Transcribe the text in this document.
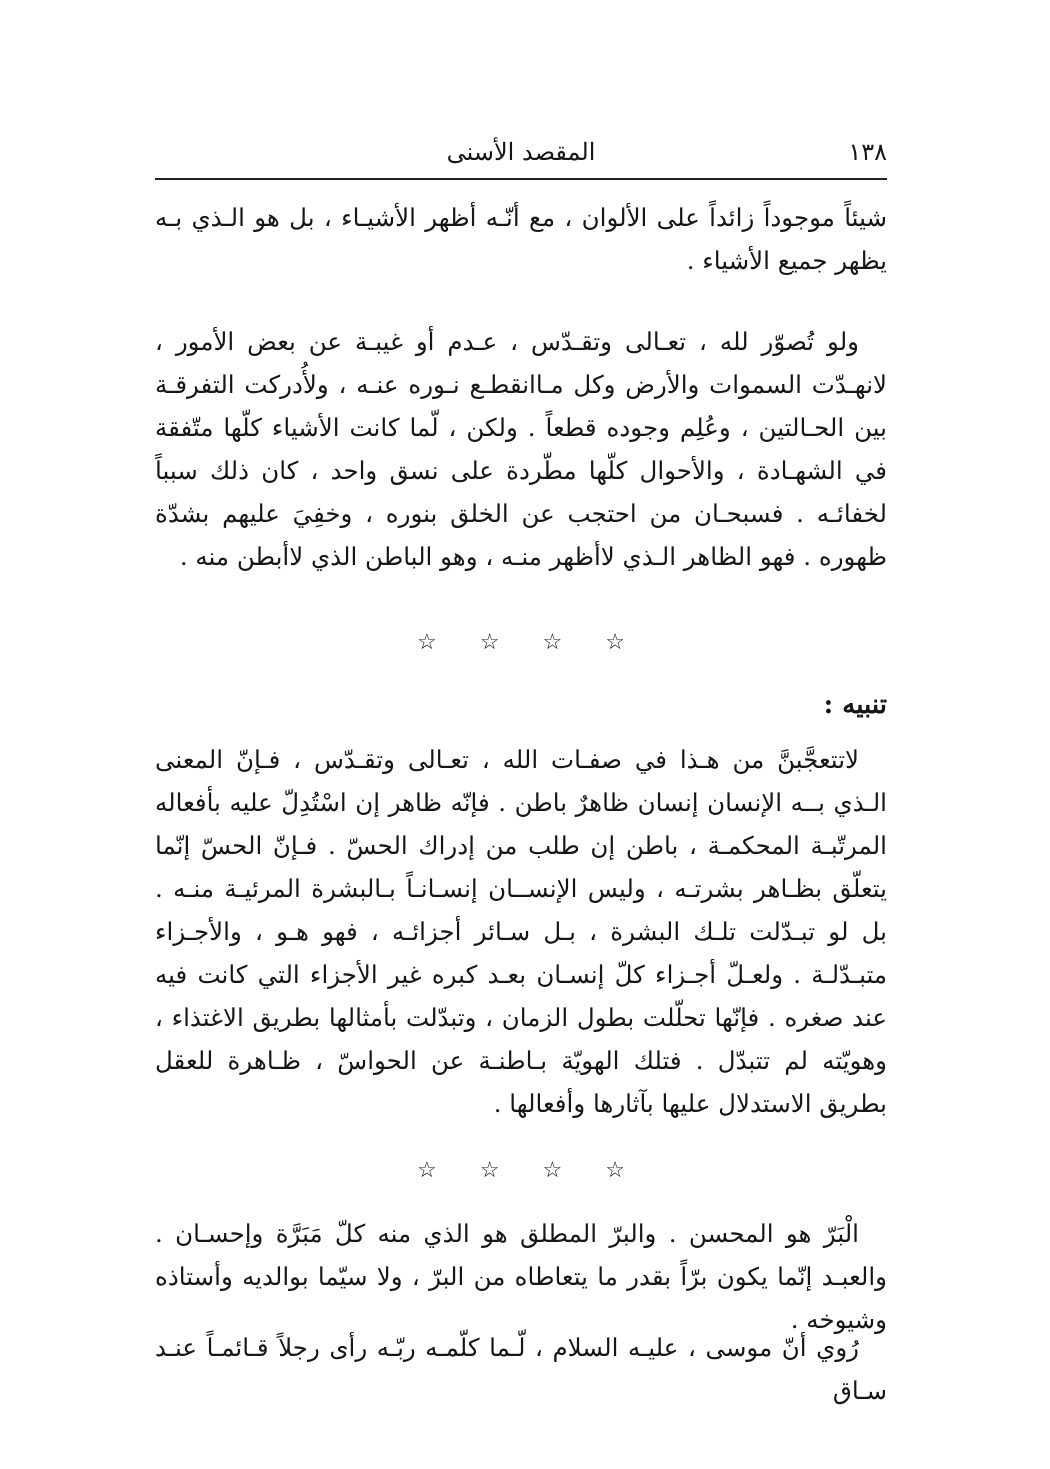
١٣٨
المقصد الأسنى

شيئاً موجوداً زائداً على الألوان ، مع أنّـه أظهر الأشيـاء ، بل هو الـذي بـه يظهر جميع الأشياء .

ولو تُصوّر لله ، تعـالى وتقـدّس ، عـدم أو غيبـة عن بعض الأمور ، لانهـدّت السموات والأرض وكل مـاانقطـع نـوره عنـه ، ولأُدركت التفرقـة بين الحـالتين ، وعُلِم وجوده قطعاً . ولكن ، لّما كانت الأشياء كلّها متّفقة في الشهـادة ، والأحوال كلّها مطّردة على نسق واحد ، كان ذلك سبباً لخفائـه . فسبحـان من احتجب عن الخلق بنوره ، وخفِيَ عليهم بشدّة ظهوره . فهو الظاهر الـذي لاأظهر منـه ، وهو الباطن الذي لاأبطن منه .

☆ ☆ ☆ ☆

تنبيه :

لاتتعجَّبنَّ من هـذا في صفـات الله ، تعـالى وتقـدّس ، فـإنّ المعنى الـذي بــه الإنسان إنسان ظاهرٌ باطن . فإنّه ظاهر إن اسْتُدِلّ عليه بأفعاله المرتّبـة المحكمـة ، باطن إن طلب من إدراك الحسّ . فـإنّ الحسّ إنّما يتعلّق بظـاهر بشرتـه ، وليس الإنســان إنسـانـاً بـالبشرة المرئيـة منـه . بل لو تبـدّلت تلـك البشرة ، بـل سـائر أجزائـه ، فهو هـو ، والأجـزاء متبـدّلـة . ولعـلّ أجـزاء كلّ إنسـان بعـد كبره غير الأجزاء التي كانت فيه عند صغره . فإنّها تحلّلت بطول الزمان ، وتبدّلت بأمثالها بطريق الاغتذاء ، وهويّته لم تتبدّل . فتلك الهويّة بـاطنـة عن الحواسّ ، ظـاهرة للعقل بطريق الاستدلال عليها بآثارها وأفعالها .

☆ ☆ ☆ ☆

الْبَرّ هو المحسن . والبرّ المطلق هو الذي منه كلّ مَبَرَّة وإحسـان . والعبـد إنّما يكون برّاً بقدر ما يتعاطاه من البرّ ، ولا سيّما بوالديه وأستاذه وشيوخه .

رُوي أنّ موسى ، عليـه السلام ، لّـما كلّمـه ربّـه رأى رجلاً قـائمـاً عنـد سـاق
